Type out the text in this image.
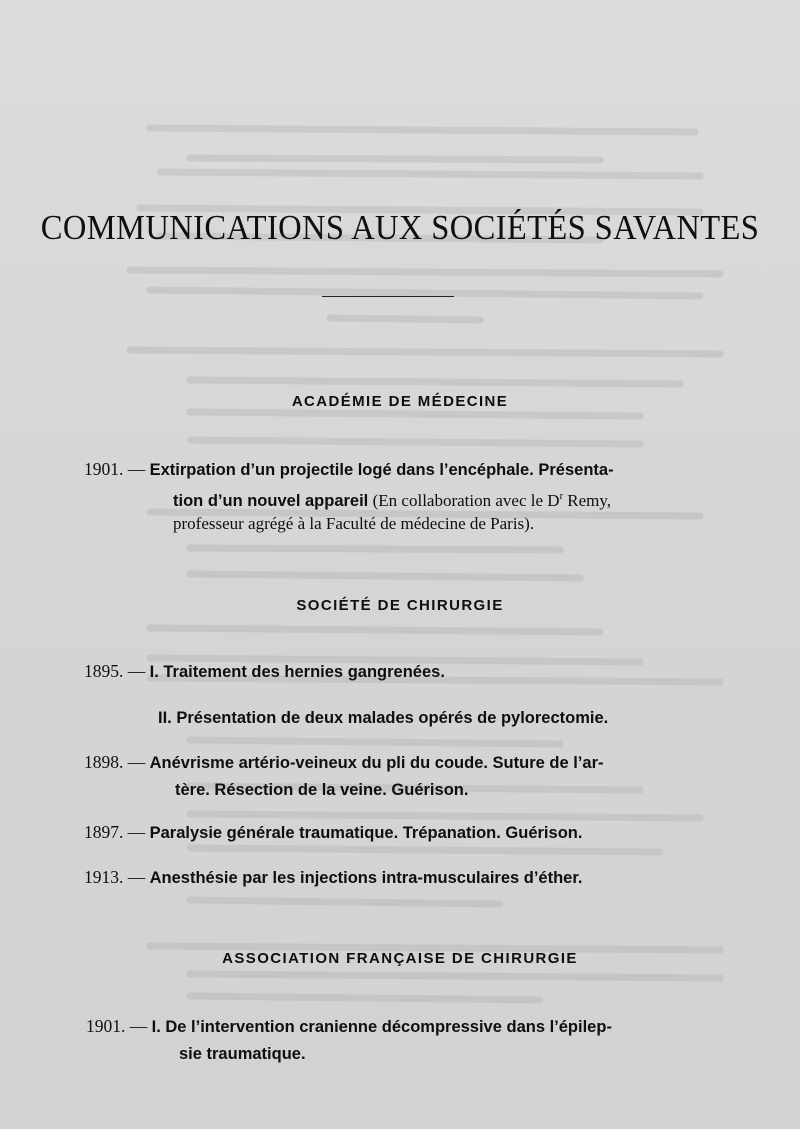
COMMUNICATIONS AUX SOCIÉTÉS SAVANTES
ACADÉMIE DE MÉDECINE
1901. — Extirpation d’un projectile logé dans l’encéphale. Présenta-
tion d’un nouvel appareil (En collaboration avec le $D^r$ Remy,
professeur agrégé à la Faculté de médecine de Paris).
SOCIÉTÉ DE CHIRURGIE
1895. — I. Traitement des hernies gangrenées.
II. Présentation de deux malades opérés de pylorectomie.
1898. — Anévrisme artério-veineux du pli du coude. Suture de l’ar-
tère. Résection de la veine. Guérison.
1897. — Paralysie générale traumatique. Trépanation. Guérison.
1913. — Anesthésie par les injections intra-musculaires d’éther.
ASSOCIATION FRANÇAISE DE CHIRURGIE
1901. — I. De l’intervention cranienne décompressive dans l’épilep-
sie traumatique.
